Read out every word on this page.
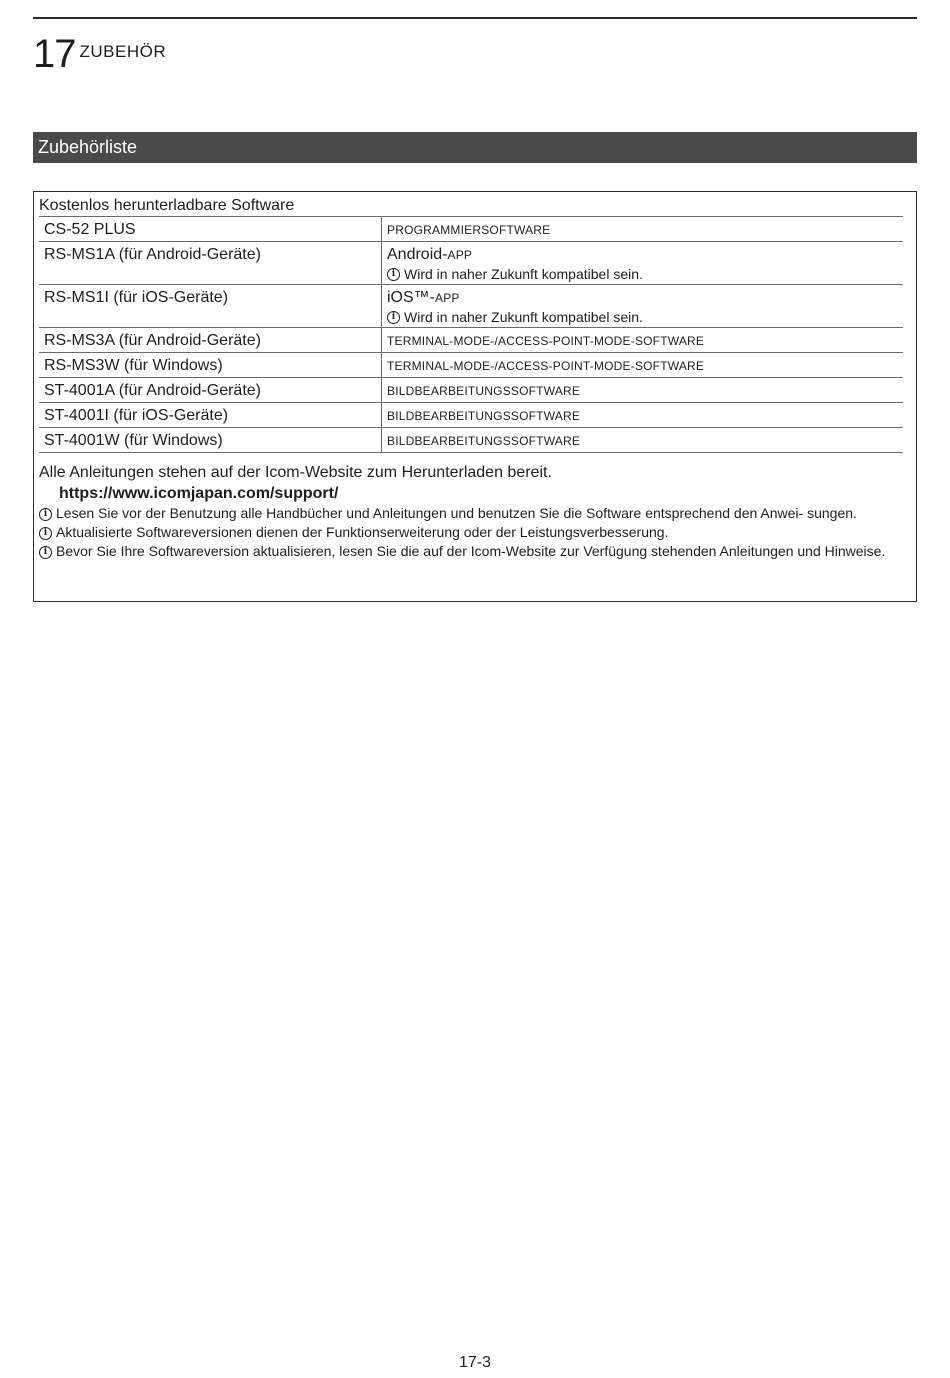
17 ZUBEHÖR
Zubehörliste
Kostenlos herunterladbare Software
CS-52 PLUS	PROGRAMMIERSOFTWARE
RS-MS1A (für Android-Geräte)	Android-APP
i Wird in naher Zukunft kompatibel sein.
RS-MS1I (für iOS-Geräte)	iOS™-APP
i Wird in naher Zukunft kompatibel sein.
RS-MS3A (für Android-Geräte)	TERMINAL-MODE-/ACCESS-POINT-MODE-SOFTWARE
RS-MS3W (für Windows)	TERMINAL-MODE-/ACCESS-POINT-MODE-SOFTWARE
ST-4001A (für Android-Geräte)	BILDBEARBEITUNGSSOFTWARE
ST-4001I (für iOS-Geräte)	BILDBEARBEITUNGSSOFTWARE
ST-4001W (für Windows)	BILDBEARBEITUNGSSOFTWARE
Alle Anleitungen stehen auf der Icom-Website zum Herunterladen bereit.
https://www.icomjapan.com/support/
i Lesen Sie vor der Benutzung alle Handbücher und Anleitungen und benutzen Sie die Software entsprechend den Anwei- sungen.
i Aktualisierte Softwareversionen dienen der Funktionserweiterung oder der Leistungsverbesserung.
i Bevor Sie Ihre Softwareversion aktualisieren, lesen Sie die auf der Icom-Website zur Verfügung stehenden Anleitungen und Hinweise.
17-3
